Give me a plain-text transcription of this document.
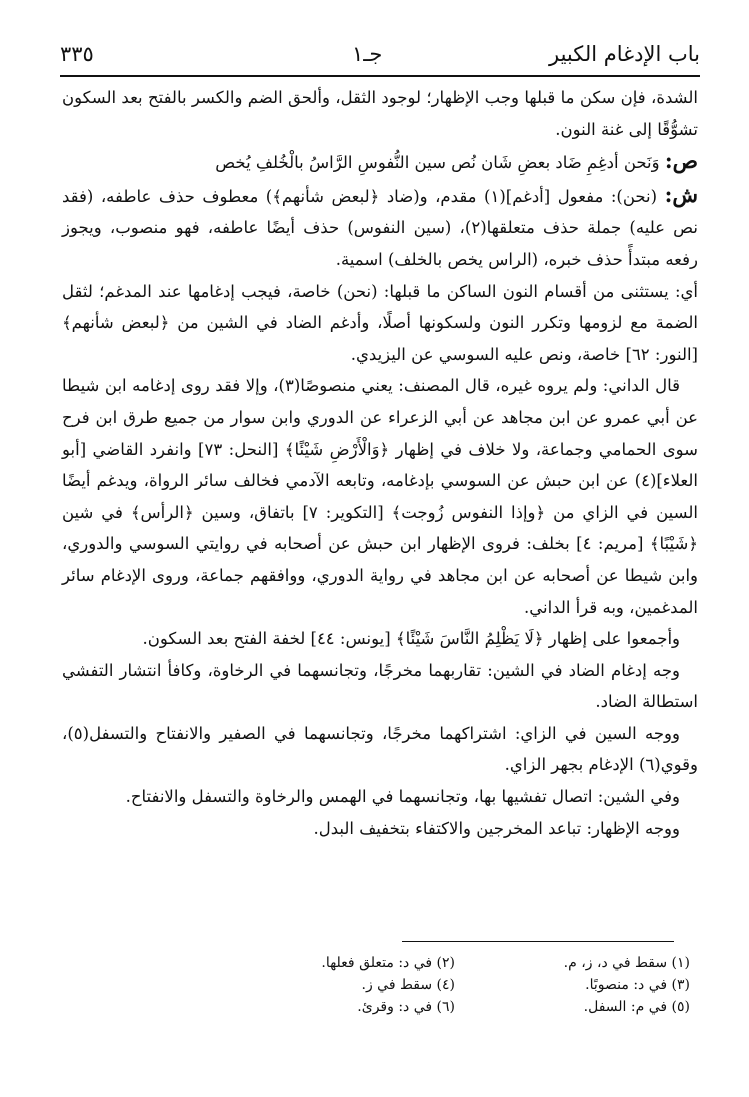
باب الإدغام الكبير
جـ١
٣٣٥

الشدة، فإن سكن ما قبلها وجب الإظهار؛ لوجود الثقل، وألحق الضم والكسر بالفتح بعد السكون تشوُّقًا إلى غنة النون.

ص: وَنَحن أدغِمِ ضَاد بعضِ شَان نُص سين النُّفوسِ الرَّاسُ بالْخُلفِ يُخص

ش: (نحن): مفعول [أدغم](١) مقدم، و(ضاد ﴿لبعض شأنهم﴾) معطوف حذف عاطفه، (فقد نص عليه) جملة حذف متعلقها(٢)، (سين النفوس) حذف أيضًا عاطفه، فهو منصوب، ويجوز رفعه مبتدأً حذف خبره، (الراس يخص بالخلف) اسمية.

أي: يستثنى من أقسام النون الساكن ما قبلها: (نحن) خاصة، فيجب إدغامها عند المدغم؛ لثقل الضمة مع لزومها وتكرر النون ولسكونها أصلًا، وأدغم الضاد في الشين من ﴿لبعض شأنهم﴾ [النور: ٦٢] خاصة، ونص عليه السوسي عن اليزيدي.

قال الداني: ولم يروه غيره، قال المصنف: يعني منصوصًا(٣)، وإلا فقد روى إدغامه ابن شيطا عن أبي عمرو عن ابن مجاهد عن أبي الزعراء عن الدوري وابن سوار من جميع طرق ابن فرح سوى الحمامي وجماعة، ولا خلاف في إظهار ﴿وَالْأَرْضِ شَيْئًا﴾ [النحل: ٧٣] وانفرد القاضي [أبو العلاء](٤) عن ابن حبش عن السوسي بإدغامه، وتابعه الآدمي فخالف سائر الرواة، ويدغم أيضًا السين في الزاي من ﴿وإذا النفوس زُوجت﴾ [التكوير: ٧] باتفاق، وسين ﴿الرأس﴾ في شين ﴿شَيْبًا﴾ [مريم: ٤] بخلف: فروى الإظهار ابن حبش عن أصحابه في روايتي السوسي والدوري، وابن شيطا عن أصحابه عن ابن مجاهد في رواية الدوري، ووافقهم جماعة، وروى الإدغام سائر المدغمين، وبه قرأ الداني.

وأجمعوا على إظهار ﴿لَا يَظْلِمُ النَّاسَ شَيْئًا﴾ [يونس: ٤٤] لخفة الفتح بعد السكون.

وجه إدغام الضاد في الشين: تقاربهما مخرجًا، وتجانسهما في الرخاوة، وكافأ انتشار التفشي استطالة الضاد.

ووجه السين في الزاي: اشتراكهما مخرجًا، وتجانسهما في الصفير والانفتاح والتسفل(٥)، وقوي(٦) الإدغام بجهر الزاي.

وفي الشين: اتصال تفشيها بها، وتجانسهما في الهمس والرخاوة والتسفل والانفتاح.

ووجه الإظهار: تباعد المخرجين والاكتفاء بتخفيف البدل.

(١) سقط في د، ز، م.
(٢) في د: متعلق فعلها.
(٣) في د: منصوبًا.
(٤) سقط في ز.
(٥) في م: السفل.
(٦) في د: وقرئ.
